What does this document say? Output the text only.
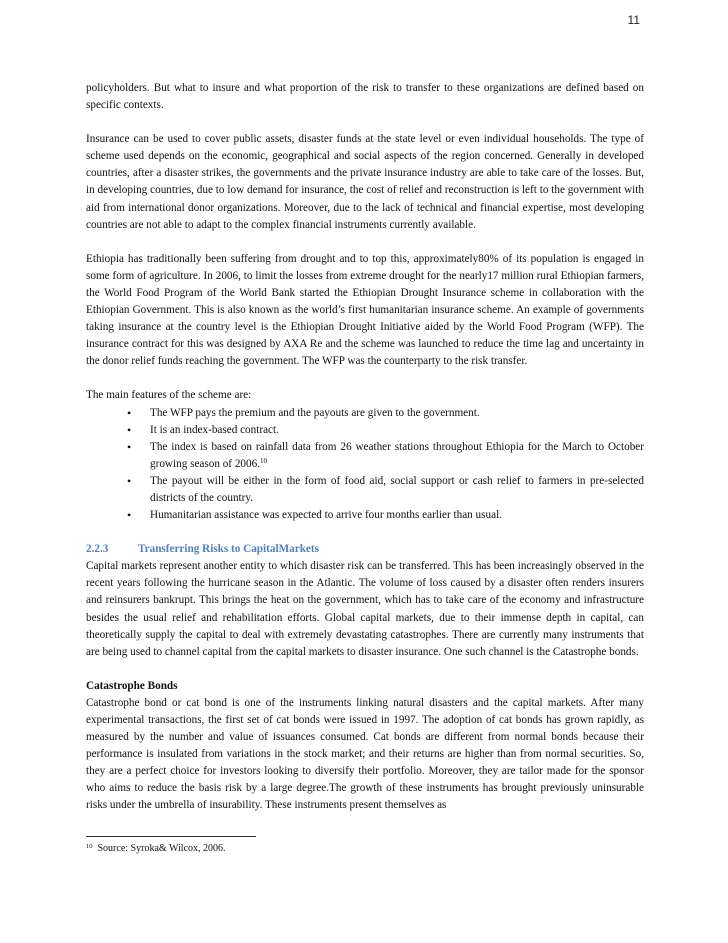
11

policyholders. But what to insure and what proportion of the risk to transfer to these organizations are defined based on specific contexts.

Insurance can be used to cover public assets, disaster funds at the state level or even individual households. The type of scheme used depends on the economic, geographical and social aspects of the region concerned. Generally in developed countries, after a disaster strikes, the governments and the private insurance industry are able to take care of the losses. But, in developing countries, due to low demand for insurance, the cost of relief and reconstruction is left to the government with aid from international donor organizations. Moreover, due to the lack of technical and financial expertise, most developing countries are not able to adapt to the complex financial instruments currently available.

Ethiopia has traditionally been suffering from drought and to top this, approximately80% of its population is engaged in some form of agriculture. In 2006, to limit the losses from extreme drought for the nearly17 million rural Ethiopian farmers, the World Food Program of the World Bank started the Ethiopian Drought Insurance scheme in collaboration with the Ethiopian Government. This is also known as the world’s first humanitarian insurance scheme. An example of governments taking insurance at the country level is the Ethiopian Drought Initiative aided by the World Food Program (WFP). The insurance contract for this was designed by AXA Re and the scheme was launched to reduce the time lag and uncertainty in the donor relief funds reaching the government. The WFP was the counterparty to the risk transfer.

The main features of the scheme are:

• The WFP pays the premium and the payouts are given to the government.
• It is an index-based contract.
• The index is based on rainfall data from 26 weather stations throughout Ethiopia for the March to October growing season of 2006.10
• The payout will be either in the form of food aid, social support or cash relief to farmers in pre-selected districts of the country.
• Humanitarian assistance was expected to arrive four months earlier than usual.
2.2.3	Transferring Risks to CapitalMarkets

Capital markets represent another entity to which disaster risk can be transferred. This has been increasingly observed in the recent years following the hurricane season in the Atlantic. The volume of loss caused by a disaster often renders insurers and reinsurers bankrupt. This brings the heat on the government, which has to take care of the economy and infrastructure besides the usual relief and rehabilitation efforts. Global capital markets, due to their immense depth in capital, can theoretically supply the capital to deal with extremely devastating catastrophes. There are currently many instruments that are being used to channel capital from the capital markets to disaster insurance. One such channel is the Catastrophe bonds.

Catastrophe Bonds

Catastrophe bond or cat bond is one of the instruments linking natural disasters and the capital markets. After many experimental transactions, the first set of cat bonds were issued in 1997. The adoption of cat bonds has grown rapidly, as measured by the number and value of issuances consumed. Cat bonds are different from normal bonds because their performance is insulated from variations in the stock market; and their returns are higher than from normal securities. So, they are a perfect choice for investors looking to diversify their portfolio. Moreover, they are tailor made for the sponsor who aims to reduce the basis risk by a large degree.The growth of these instruments has brought previously uninsurable risks under the umbrella of insurability. These instruments present themselves as

$^{10}$ Source: Syroka& Wilcox, 2006.
